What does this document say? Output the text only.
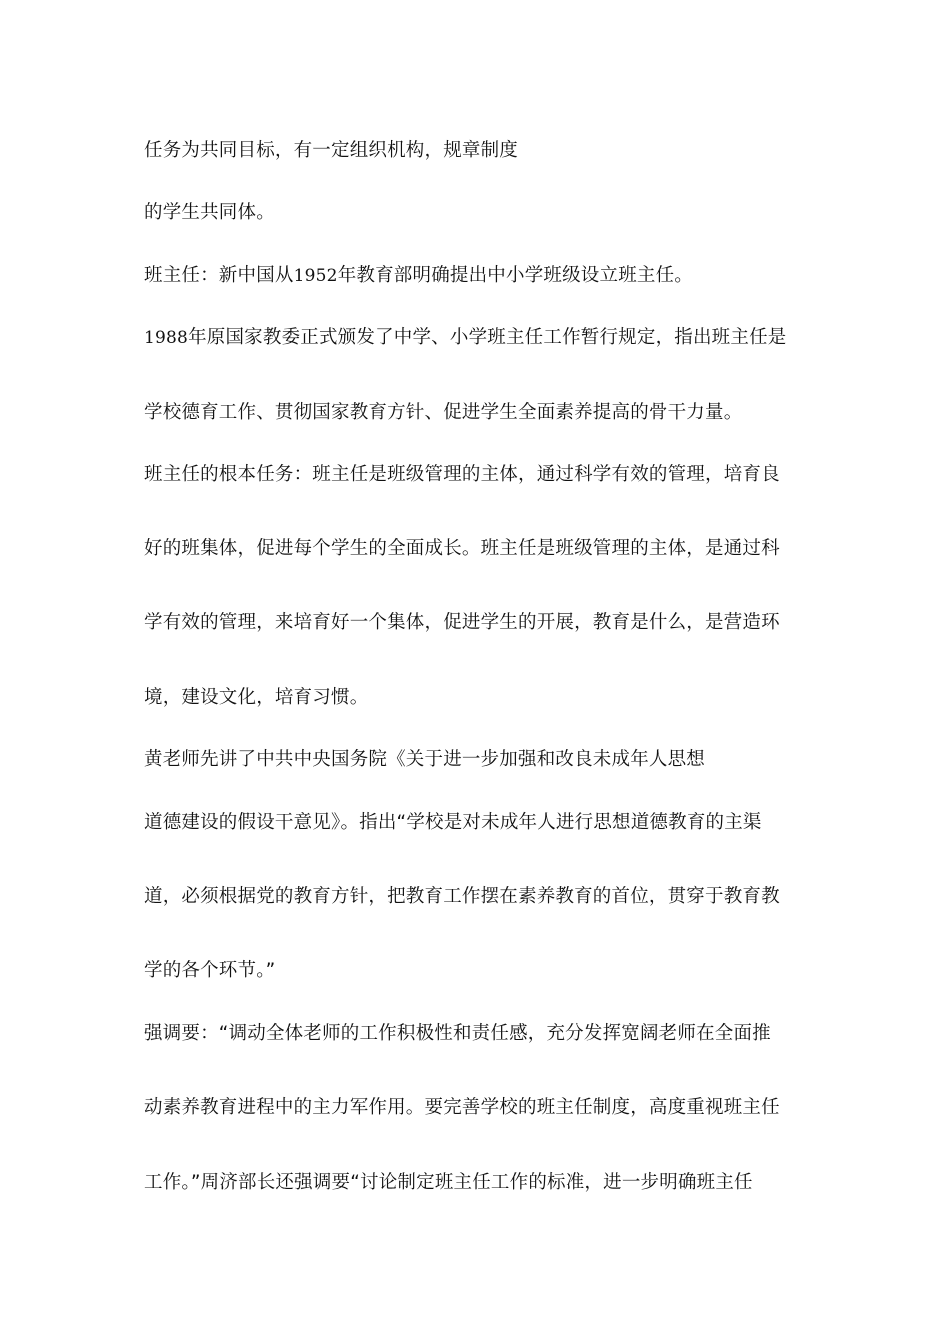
任务为共同目标，有一定组织机构，规章制度
的学生共同体。
班主任：新中国从1952年教育部明确提出中小学班级设立班主任。
1988年原国家教委正式颁发了中学、小学班主任工作暂行规定，指出班主任是
学校德育工作、贯彻国家教育方针、促进学生全面素养提高的骨干力量。
班主任的根本任务：班主任是班级管理的主体，通过科学有效的管理，培育良
好的班集体，促进每个学生的全面成长。班主任是班级管理的主体，是通过科
学有效的管理，来培育好一个集体，促进学生的开展，教育是什么，是营造环
境，建设文化，培育习惯。
黄老师先讲了中共中央国务院《关于进一步加强和改良未成年人思想
道德建设的假设干意见》。指出“学校是对未成年人进行思想道德教育的主渠
道，必须根据党的教育方针，把教育工作摆在素养教育的首位，贯穿于教育教
学的各个环节。”
强调要：“调动全体老师的工作积极性和责任感，充分发挥宽阔老师在全面推
动素养教育进程中的主力军作用。要完善学校的班主任制度，高度重视班主任
工作。”周济部长还强调要“讨论制定班主任工作的标准，进一步明确班主任
